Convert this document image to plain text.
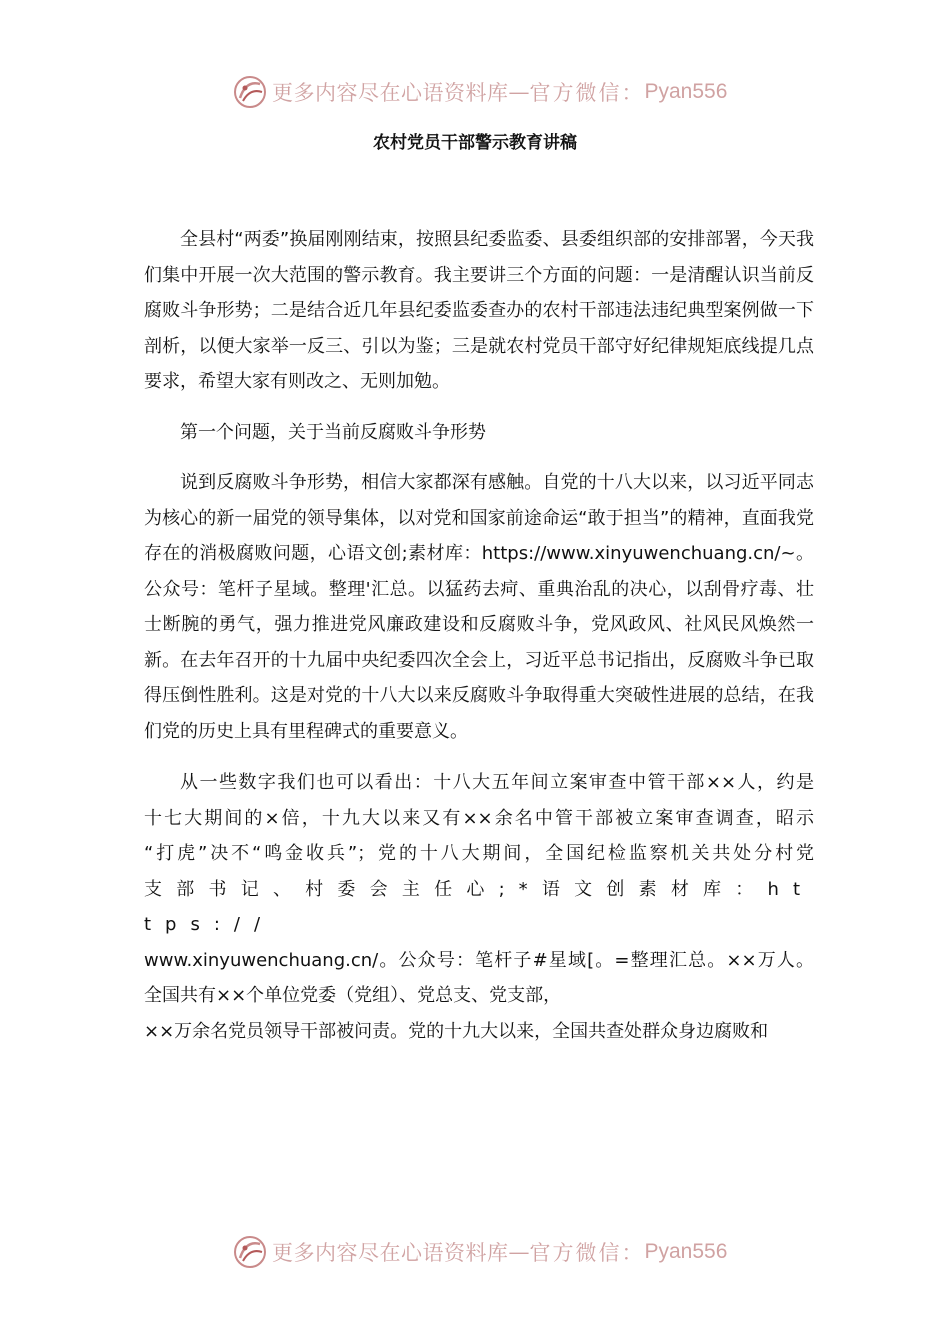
更多内容尽在心语资料库 — 官方微信： Pyan556
农村党员干部警示教育讲稿

全县村“两委”换届刚刚结束，按照县纪委监委、县委组织部的安排部署，今天我们集中开展一次大范围的警示教育。我主要讲三个方面的问题：一是清醒认识当前反腐败斗争形势；二是结合近几年县纪委监委查办的农村干部违法违纪典型案例做一下剖析，以便大家举一反三、引以为鉴；三是就农村党员干部守好纪律规矩底线提几点要求，希望大家有则改之、无则加勉。

第一个问题，关于当前反腐败斗争形势

说到反腐败斗争形势，相信大家都深有感触。自党的十八大以来，以习近平同志为核心的新一届党的领导集体，以对党和国家前途命运“敢于担当”的精神，直面我党存在的消极腐败问题，心语文创;素材库：https://www.xinyuwenchuang.cn/~。公众号：笔杆子星域。整理'汇总。以猛药去疴、重典治乱的决心，以刮骨疗毒、壮士断腕的勇气，强力推进党风廉政建设和反腐败斗争，党风政风、社风民风焕然一新。在去年召开的十九届中央纪委四次全会上，习近平总书记指出，反腐败斗争已取得压倒性胜利。这是对党的十八大以来反腐败斗争取得重大突破性进展的总结，在我们党的历史上具有里程碑式的重要意义。

从一些数字我们也可以看出：十八大五年间立案审查中管干部××人，约是
十七大期间的×倍，十九大以来又有××余名中管干部被立案审查调查，昭示
“打虎”决不“鸣金收兵”；党的十八大期间，全国纪检监察机关共处分村党
支部书记、村委会主任心;*语文创素材库：https://
www.xinyuwenchuang.cn/。公众号：笔杆子#星域[。=整理汇总。××万人。
全国共有××个单位党委（党组）、党总支、党支部，
××万余名党员领导干部被问责。党的十九大以来，全国共查处群众身边腐败和
更多内容尽在心语资料库 — 官方微信： Pyan556
